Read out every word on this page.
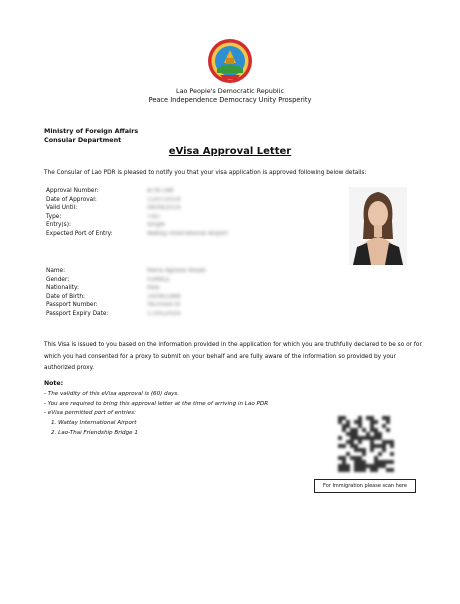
Lao People's Democratic Republic
Peace Independence Democracy Unity Prosperity
Ministry of Foreign Affairs
Consular Department
eVisa Approval Letter
The Consular of Lao PDR is pleased to notify you that your visa application is approved following below details:
Approval Number:	BT9C1B8
Date of Approval:	11/07/2019
Valid Until:	08/08/2019
Type:	T-B3
Entry(s):	Single
Expected Port of Entry:	Wattay International Airport
Name:	Maria Agnese Rosati
Gender:	FEMALE
Nationality:	Italy
Date of Birth:	19/08/1988
Passport Number:	YA1056478
Passport Expiry Date:	17/05/2024
This Visa is issued to you based on the information provided in the application for which you are truthfully declared to be so or for which you had consented for a proxy to submit on your behalf and are fully aware of the information so provided by your authorized proxy.
Note:
- The validity of this eVisa approval is (60) days.
- You are required to bring this approval letter at the time of arriving in Lao PDR
- eVisa permitted port of entries:
1. Wattay International Airport
2. Lao-Thai Friendship Bridge 1
For Immigration please scan here
